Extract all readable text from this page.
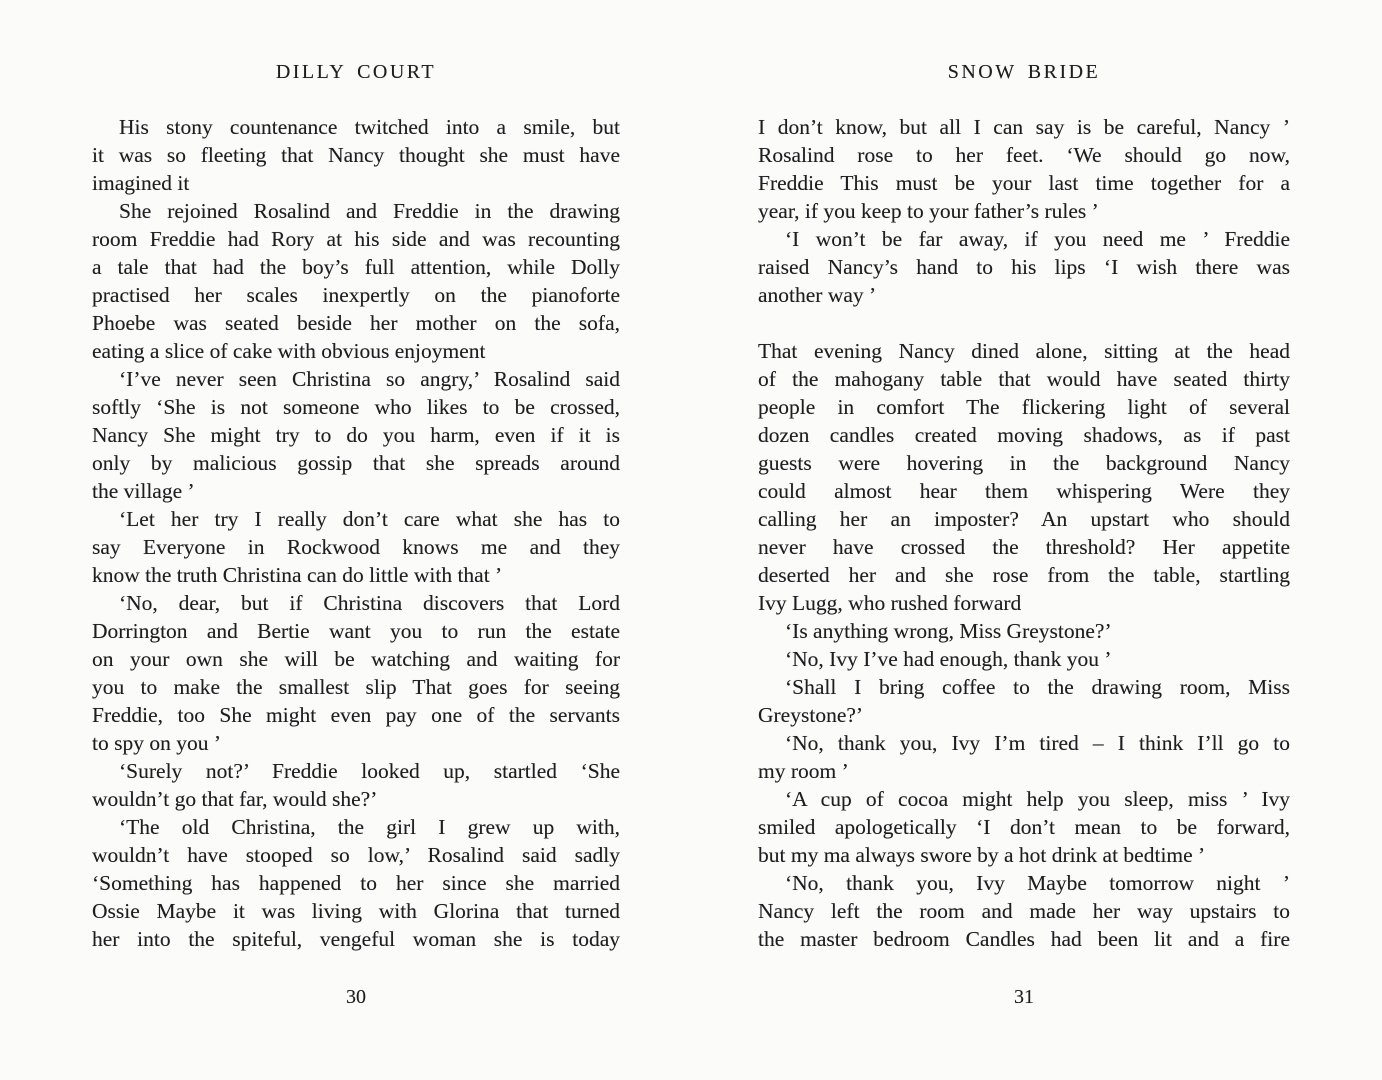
DILLY COURT
His stony countenance twitched into a smile, but
it was so fleeting that Nancy thought she must have
imagined it
She rejoined Rosalind and Freddie in the drawing
room Freddie had Rory at his side and was recounting
a tale that had the boy’s full attention, while Dolly
practised her scales inexpertly on the pianoforte
Phoebe was seated beside her mother on the sofa,
eating a slice of cake with obvious enjoyment
‘I’ve never seen Christina so angry,’ Rosalind said
softly ‘She is not someone who likes to be crossed,
Nancy She might try to do you harm, even if it is
only by malicious gossip that she spreads around
the village ’
‘Let her try I really don’t care what she has to
say Everyone in Rockwood knows me and they
know the truth Christina can do little with that ’
‘No, dear, but if Christina discovers that Lord
Dorrington and Bertie want you to run the estate
on your own she will be watching and waiting for
you to make the smallest slip That goes for seeing
Freddie, too She might even pay one of the servants
to spy on you ’
‘Surely not?’ Freddie looked up, startled ‘She
wouldn’t go that far, would she?’
‘The old Christina, the girl I grew up with,
wouldn’t have stooped so low,’ Rosalind said sadly
‘Something has happened to her since she married
Ossie Maybe it was living with Glorina that turned
her into the spiteful, vengeful woman she is today
30
SNOW BRIDE
I don’t know, but all I can say is be careful, Nancy ’
Rosalind rose to her feet. ‘We should go now,
Freddie This must be your last time together for a
year, if you keep to your father’s rules ’
‘I won’t be far away, if you need me ’ Freddie
raised Nancy’s hand to his lips ‘I wish there was
another way ’
That evening Nancy dined alone, sitting at the head
of the mahogany table that would have seated thirty
people in comfort The flickering light of several
dozen candles created moving shadows, as if past
guests were hovering in the background Nancy
could almost hear them whispering Were they
calling her an imposter? An upstart who should
never have crossed the threshold? Her appetite
deserted her and she rose from the table, startling
Ivy Lugg, who rushed forward
‘Is anything wrong, Miss Greystone?’
‘No, Ivy I’ve had enough, thank you ’
‘Shall I bring coffee to the drawing room, Miss
Greystone?’
‘No, thank you, Ivy I’m tired – I think I’ll go to
my room ’
‘A cup of cocoa might help you sleep, miss ’ Ivy
smiled apologetically ‘I don’t mean to be forward,
but my ma always swore by a hot drink at bedtime ’
‘No, thank you, Ivy Maybe tomorrow night ’
Nancy left the room and made her way upstairs to
the master bedroom Candles had been lit and a fire
31
